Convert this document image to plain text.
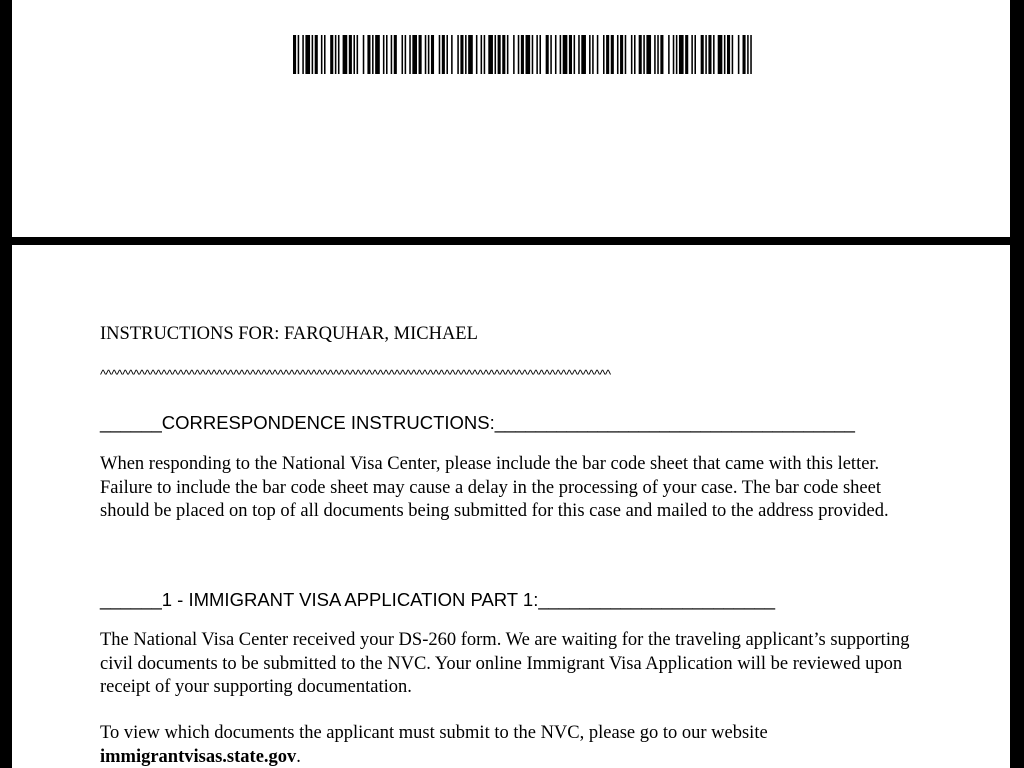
INSTRUCTIONS FOR: FARQUHAR, MICHAEL
^^^^^^^^^^^^^^^^^^^^^^^^^^^^^^^^^^^^^^^^^^^^^^^^^^^^^^^^^^^^^^^^^^^^^^^^^^^^^^^^^^^^^^^^^^^^
______CORRESPONDENCE INSTRUCTIONS:___________________________________

When responding to the National Visa Center, please include the bar code sheet that came with this letter. Failure to include the bar code sheet may cause a delay in the processing of your case. The bar code sheet should be placed on top of all documents being submitted for this case and mailed to the address provided.

______1 - IMMIGRANT VISA APPLICATION PART 1:_______________________

The National Visa Center received your DS-260 form. We are waiting for the traveling applicant’s supporting civil documents to be submitted to the NVC. Your online Immigrant Visa Application will be reviewed upon receipt of your supporting documentation.

To view which documents the applicant must submit to the NVC, please go to our website
immigrantvisas.state.gov.
